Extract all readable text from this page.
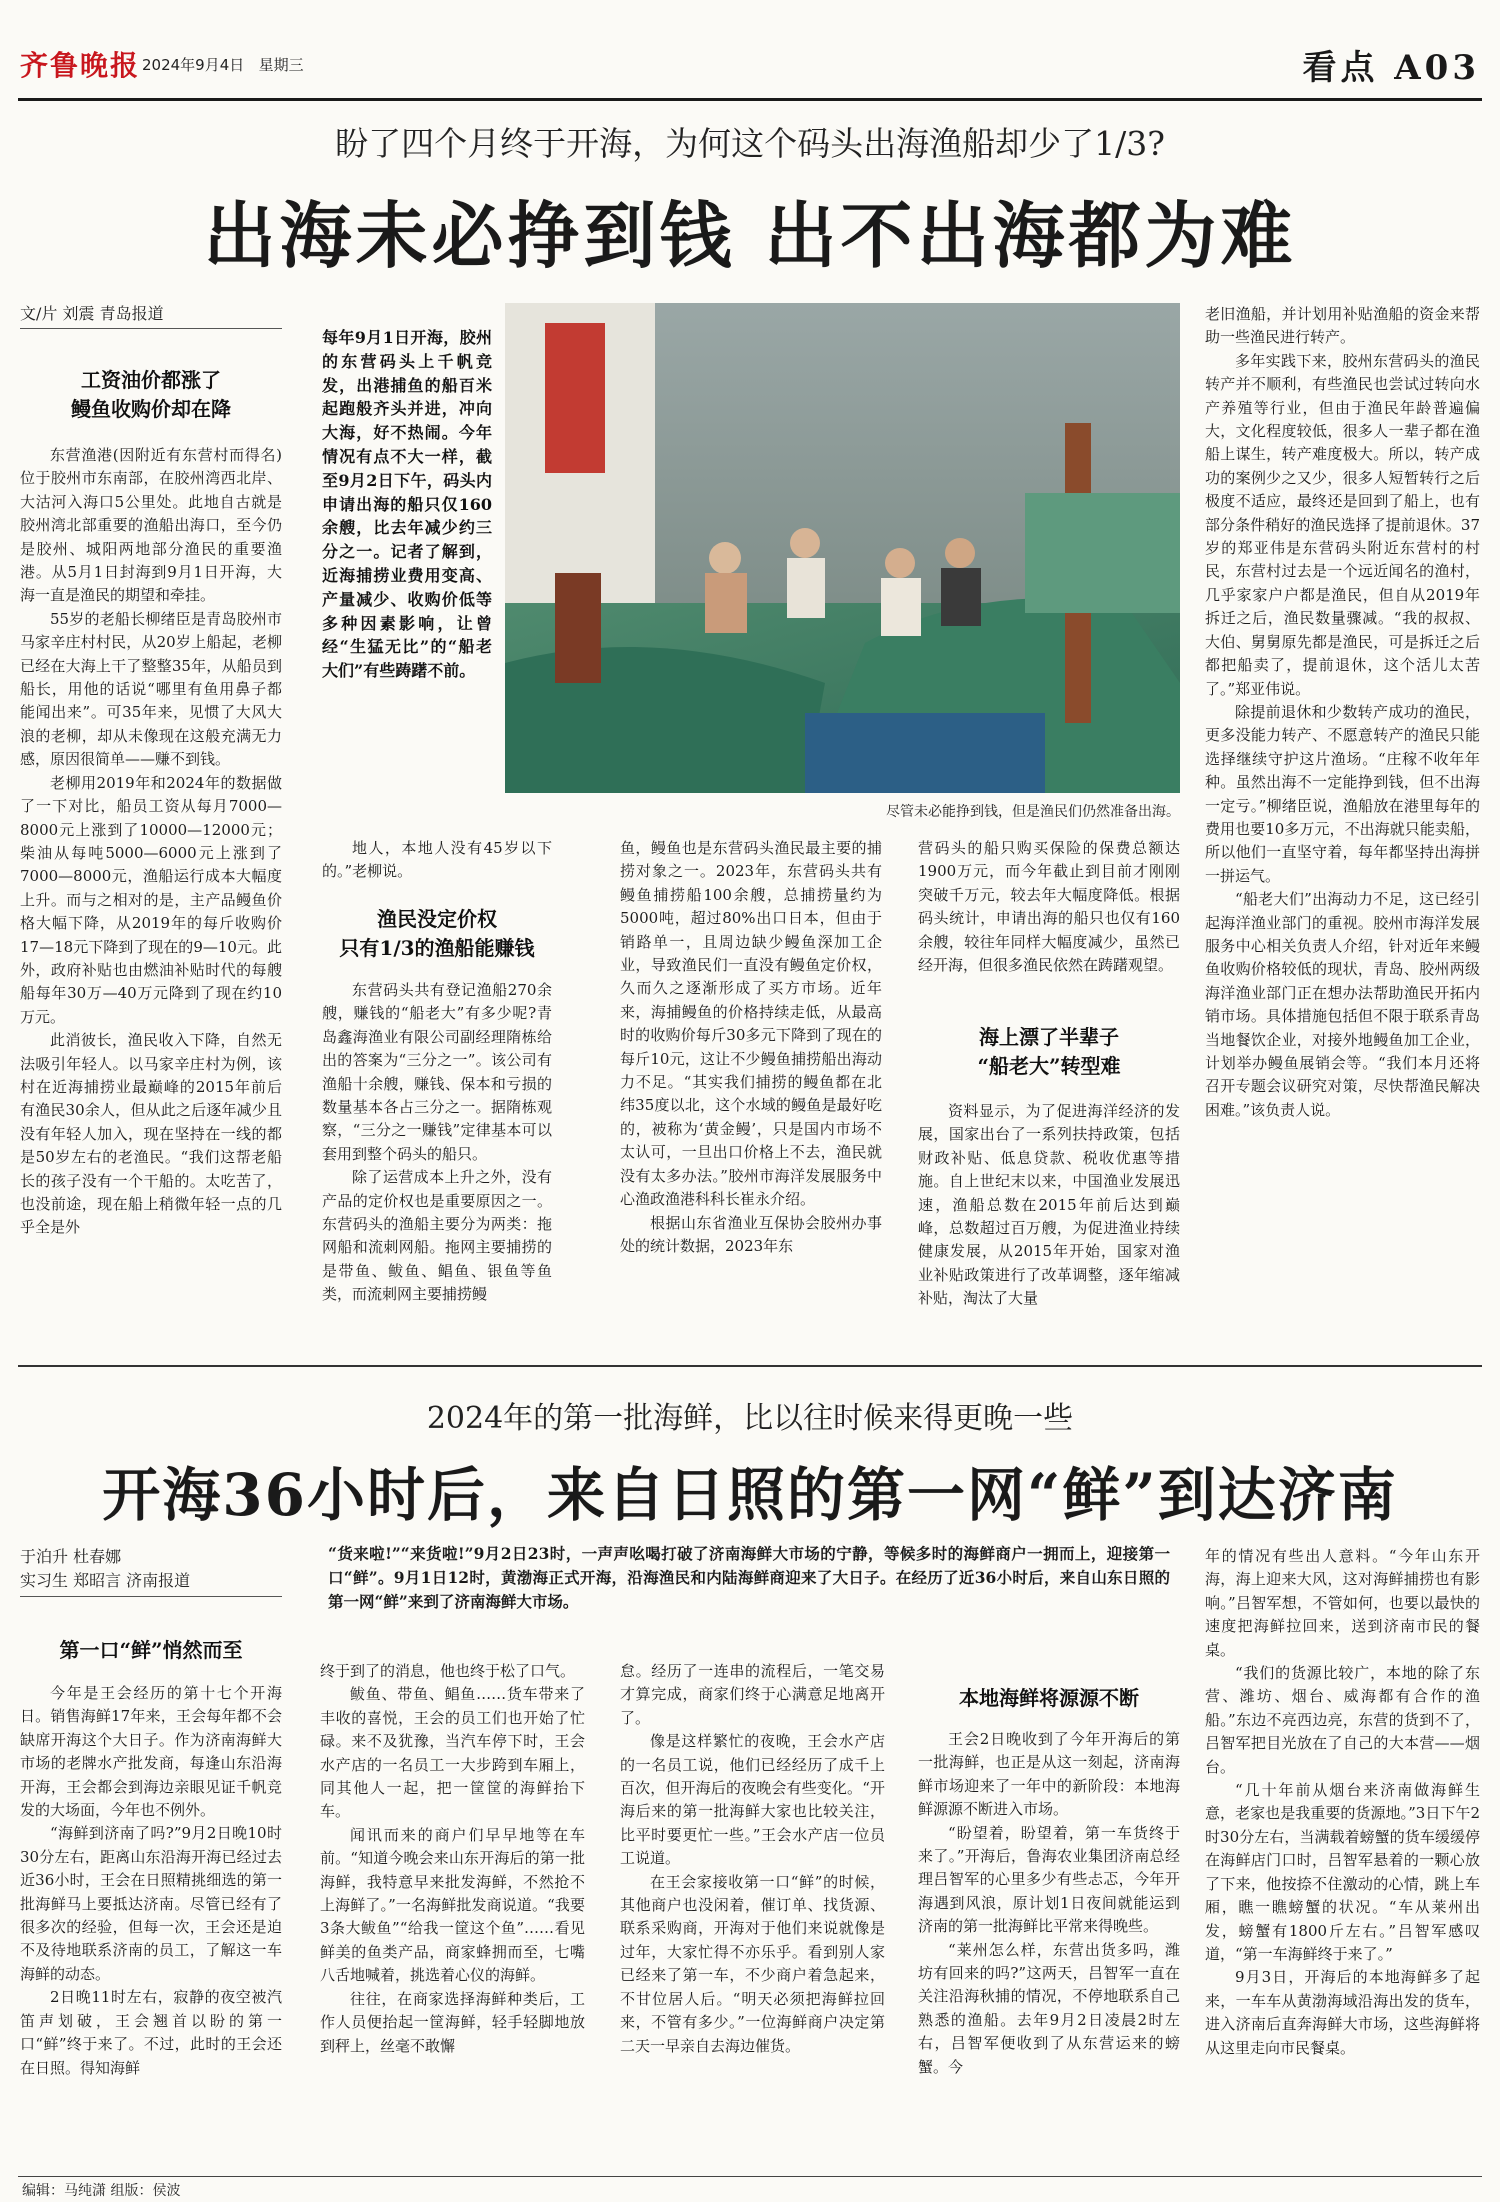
齐鲁晚报 2024年9月4日 星期三	看点 A03
盼了四个月终于开海，为何这个码头出海渔船却少了1/3?
出海未必挣到钱 出不出海都为难
文/片 刘震 青岛报道
工资油价都涨了
鳗鱼收购价却在降

东营渔港(因附近有东营村而得名)位于胶州市东南部，在胶州湾西北岸、大沽河入海口5公里处。此地自古就是胶州湾北部重要的渔船出海口，至今仍是胶州、城阳两地部分渔民的重要渔港。从5月1日封海到9月1日开海，大海一直是渔民的期望和牵挂。

55岁的老船长柳绪臣是青岛胶州市马家辛庄村村民，从20岁上船起，老柳已经在大海上干了整整35年，从船员到船长，用他的话说“哪里有鱼用鼻子都能闻出来”。可35年来，见惯了大风大浪的老柳，却从未像现在这般充满无力感，原因很简单——赚不到钱。

老柳用2019年和2024年的数据做了一下对比，船员工资从每月7000—8000元上涨到了10000—12000元；柴油从每吨5000—6000元上涨到了7000—8000元，渔船运行成本大幅度上升。而与之相对的是，主产品鳗鱼价格大幅下降，从2019年的每斤收购价17—18元下降到了现在的9—10元。此外，政府补贴也由燃油补贴时代的每艘船每年30万—40万元降到了现在约10万元。

此消彼长，渔民收入下降，自然无法吸引年轻人。以马家辛庄村为例，该村在近海捕捞业最巅峰的2015年前后有渔民30余人，但从此之后逐年减少且没有年轻人加入，现在坚持在一线的都是50岁左右的老渔民。“我们这帮老船长的孩子没有一个干船的。太吃苦了，也没前途，现在船上稍微年轻一点的几乎全是外

每年9月1日开海，胶州的东营码头上千帆竞发，出港捕鱼的船百米起跑般齐头并进，冲向大海，好不热闹。今年情况有点不大一样，截至9月2日下午，码头内申请出海的船只仅160余艘，比去年减少约三分之一。记者了解到，近海捕捞业费用变高、产量减少、收购价低等多种因素影响，让曾经“生猛无比”的“船老大们”有些踌躇不前。
尽管未必能挣到钱，但是渔民们仍然准备出海。

地人，本地人没有45岁以下的。”老柳说。

渔民没定价权
只有1/3的渔船能赚钱

东营码头共有登记渔船270余艘，赚钱的“船老大”有多少呢?青岛鑫海渔业有限公司副经理隋栋给出的答案为“三分之一”。该公司有渔船十余艘，赚钱、保本和亏损的数量基本各占三分之一。据隋栋观察，“三分之一赚钱”定律基本可以套用到整个码头的船只。

除了运营成本上升之外，没有产品的定价权也是重要原因之一。东营码头的渔船主要分为两类：拖网船和流刺网船。拖网主要捕捞的是带鱼、鲅鱼、鲳鱼、银鱼等鱼类，而流刺网主要捕捞鳗

鱼，鳗鱼也是东营码头渔民最主要的捕捞对象之一。2023年，东营码头共有鳗鱼捕捞船100余艘，总捕捞量约为5000吨，超过80%出口日本，但由于销路单一，且周边缺少鳗鱼深加工企业，导致渔民们一直没有鳗鱼定价权，久而久之逐渐形成了买方市场。近年来，海捕鳗鱼的价格持续走低，从最高时的收购价每斤30多元下降到了现在的每斤10元，这让不少鳗鱼捕捞船出海动力不足。“其实我们捕捞的鳗鱼都在北纬35度以北，这个水域的鳗鱼是最好吃的，被称为‘黄金鳗’，只是国内市场不太认可，一旦出口价格上不去，渔民就没有太多办法。”胶州市海洋发展服务中心渔政渔港科科长崔永介绍。

根据山东省渔业互保协会胶州办事处的统计数据，2023年东

营码头的船只购买保险的保费总额达1900万元，而今年截止到目前才刚刚突破千万元，较去年大幅度降低。根据码头统计，申请出海的船只也仅有160余艘，较往年同样大幅度减少，虽然已经开海，但很多渔民依然在踌躇观望。

海上漂了半辈子
“船老大”转型难

资料显示，为了促进海洋经济的发展，国家出台了一系列扶持政策，包括财政补贴、低息贷款、税收优惠等措施。自上世纪末以来，中国渔业发展迅速，渔船总数在2015年前后达到巅峰，总数超过百万艘，为促进渔业持续健康发展，从2015年开始，国家对渔业补贴政策进行了改革调整，逐年缩减补贴，淘汰了大量

老旧渔船，并计划用补贴渔船的资金来帮助一些渔民进行转产。

多年实践下来，胶州东营码头的渔民转产并不顺利，有些渔民也尝试过转向水产养殖等行业，但由于渔民年龄普遍偏大，文化程度较低，很多人一辈子都在渔船上谋生，转产难度极大。所以，转产成功的案例少之又少，很多人短暂转行之后极度不适应，最终还是回到了船上，也有部分条件稍好的渔民选择了提前退休。37岁的郑亚伟是东营码头附近东营村的村民，东营村过去是一个远近闻名的渔村，几乎家家户户都是渔民，但自从2019年拆迁之后，渔民数量骤减。“我的叔叔、大伯、舅舅原先都是渔民，可是拆迁之后都把船卖了，提前退休，这个活儿太苦了。”郑亚伟说。

除提前退休和少数转产成功的渔民，更多没能力转产、不愿意转产的渔民只能选择继续守护这片渔场。“庄稼不收年年种。虽然出海不一定能挣到钱，但不出海一定亏。”柳绪臣说，渔船放在港里每年的费用也要10多万元，不出海就只能卖船，所以他们一直坚守着，每年都坚持出海拼一拼运气。

“船老大们”出海动力不足，这已经引起海洋渔业部门的重视。胶州市海洋发展服务中心相关负责人介绍，针对近年来鳗鱼收购价格较低的现状，青岛、胶州两级海洋渔业部门正在想办法帮助渔民开拓内销市场。具体措施包括但不限于联系青岛当地餐饮企业，对接外地鳗鱼加工企业，计划举办鳗鱼展销会等。“我们本月还将召开专题会议研究对策，尽快帮渔民解决困难。”该负责人说。

2024年的第一批海鲜，比以往时候来得更晚一些
开海36小时后，来自日照的第一网“鲜”到达济南
于泊升 杜春娜
实习生 郑昭言 济南报道
“货来啦!”“来货啦!”9月2日23时，一声声吆喝打破了济南海鲜大市场的宁静，等候多时的海鲜商户一拥而上，迎接第一口“鲜”。9月1日12时，黄渤海正式开海，沿海渔民和内陆海鲜商迎来了大日子。在经历了近36小时后，来自山东日照的第一网“鲜”来到了济南海鲜大市场。
第一口“鲜”悄然而至

今年是王会经历的第十七个开海日。销售海鲜17年来，王会每年都不会缺席开海这个大日子。作为济南海鲜大市场的老牌水产批发商，每逢山东沿海开海，王会都会到海边亲眼见证千帆竞发的大场面，今年也不例外。

“海鲜到济南了吗?”9月2日晚10时30分左右，距离山东沿海开海已经过去近36小时，王会在日照精挑细选的第一批海鲜马上要抵达济南。尽管已经有了很多次的经验，但每一次，王会还是迫不及待地联系济南的员工，了解这一车海鲜的动态。

2日晚11时左右，寂静的夜空被汽笛声划破，王会翘首以盼的第一口“鲜”终于来了。不过，此时的王会还在日照。得知海鲜

终于到了的消息，他也终于松了口气。

鲅鱼、带鱼、鲳鱼……货车带来了丰收的喜悦，王会的员工们也开始了忙碌。来不及犹豫，当汽车停下时，王会水产店的一名员工一大步跨到车厢上，同其他人一起，把一筐筐的海鲜抬下车。

闻讯而来的商户们早早地等在车前。“知道今晚会来山东开海后的第一批海鲜，我特意早来批发海鲜，不然抢不上海鲜了。”一名海鲜批发商说道。“我要3条大鲅鱼”“给我一筐这个鱼”……看见鲜美的鱼类产品，商家蜂拥而至，七嘴八舌地喊着，挑选着心仪的海鲜。

往往，在商家选择海鲜种类后，工作人员便抬起一筐海鲜，轻手轻脚地放到秤上，丝毫不敢懈

怠。经历了一连串的流程后，一笔交易才算完成，商家们终于心满意足地离开了。

像是这样繁忙的夜晚，王会水产店的一名员工说，他们已经经历了成千上百次，但开海后的夜晚会有些变化。“开海后来的第一批海鲜大家也比较关注，比平时要更忙一些。”王会水产店一位员工说道。

在王会家接收第一口“鲜”的时候，其他商户也没闲着，催订单、找货源、联系采购商，开海对于他们来说就像是过年，大家忙得不亦乐乎。看到别人家已经来了第一车，不少商户着急起来，不甘位居人后。“明天必须把海鲜拉回来，不管有多少。”一位海鲜商户决定第二天一早亲自去海边催货。

本地海鲜将源源不断

王会2日晚收到了今年开海后的第一批海鲜，也正是从这一刻起，济南海鲜市场迎来了一年中的新阶段：本地海鲜源源不断进入市场。

“盼望着，盼望着，第一车货终于来了。”开海后，鲁海农业集团济南总经理吕智军的心里多少有些忐忑，今年开海遇到风浪，原计划1日夜间就能运到济南的第一批海鲜比平常来得晚些。

“莱州怎么样，东营出货多吗，潍坊有回来的吗?”这两天，吕智军一直在关注沿海秋捕的情况，不停地联系自己熟悉的渔船。去年9月2日凌晨2时左右，吕智军便收到了从东营运来的螃蟹。今

年的情况有些出人意料。“今年山东开海，海上迎来大风，这对海鲜捕捞也有影响。”吕智军想，不管如何，也要以最快的速度把海鲜拉回来，送到济南市民的餐桌。

“我们的货源比较广，本地的除了东营、潍坊、烟台、威海都有合作的渔船。”东边不亮西边亮，东营的货到不了，吕智军把目光放在了自己的大本营——烟台。

“几十年前从烟台来济南做海鲜生意，老家也是我重要的货源地。”3日下午2时30分左右，当满载着螃蟹的货车缓缓停在海鲜店门口时，吕智军悬着的一颗心放了下来，他按捺不住激动的心情，跳上车厢，瞧一瞧螃蟹的状况。“车从莱州出发，螃蟹有1800斤左右。”吕智军感叹道，“第一车海鲜终于来了。”

9月3日，开海后的本地海鲜多了起来，一车车从黄渤海域沿海出发的货车，进入济南后直奔海鲜大市场，这些海鲜将从这里走向市民餐桌。

编辑：马纯潇 组版：侯波
